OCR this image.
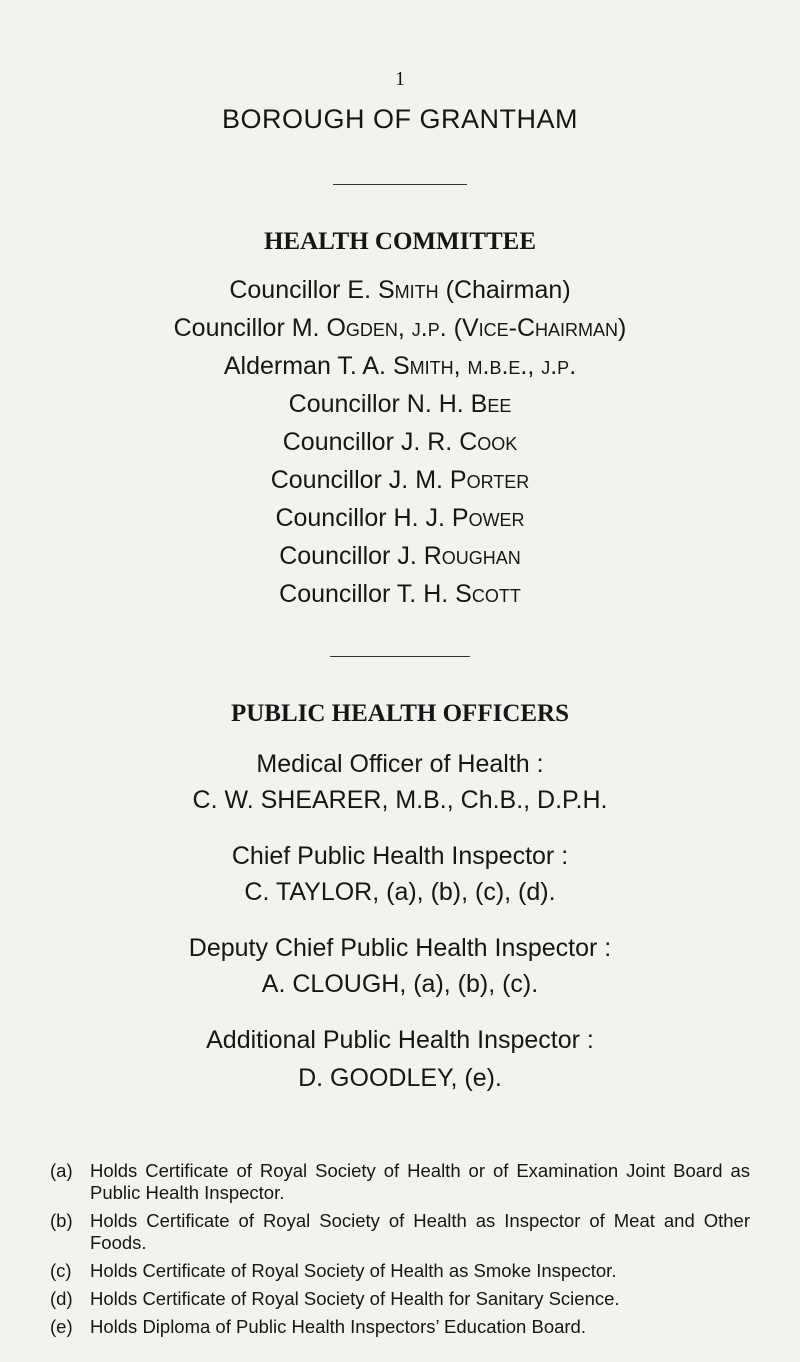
1
BOROUGH OF GRANTHAM
HEALTH COMMITTEE
Councillor E. Smith (Chairman)
Councillor M. Ogden, j.p. (Vice-Chairman)
Alderman T. A. Smith, m.b.e., j.p.
Councillor N. H. Bee
Councillor J. R. Cook
Councillor J. M. Porter
Councillor H. J. Power
Councillor J. Roughan
Councillor T. H. Scott
PUBLIC HEALTH OFFICERS
Medical Officer of Health :
C. W. SHEARER, M.B., Ch.B., D.P.H.
Chief Public Health Inspector :
C. TAYLOR, (a), (b), (c), (d).
Deputy Chief Public Health Inspector :
A. CLOUGH, (a), (b), (c).
Additional Public Health Inspector :
D. GOODLEY, (e).
(a) Holds Certificate of Royal Society of Health or of Examination Joint Board as Public Health Inspector.
(b) Holds Certificate of Royal Society of Health as Inspector of Meat and Other Foods.
(c) Holds Certificate of Royal Society of Health as Smoke Inspector.
(d) Holds Certificate of Royal Society of Health for Sanitary Science.
(e) Holds Diploma of Public Health Inspectors’ Education Board.
